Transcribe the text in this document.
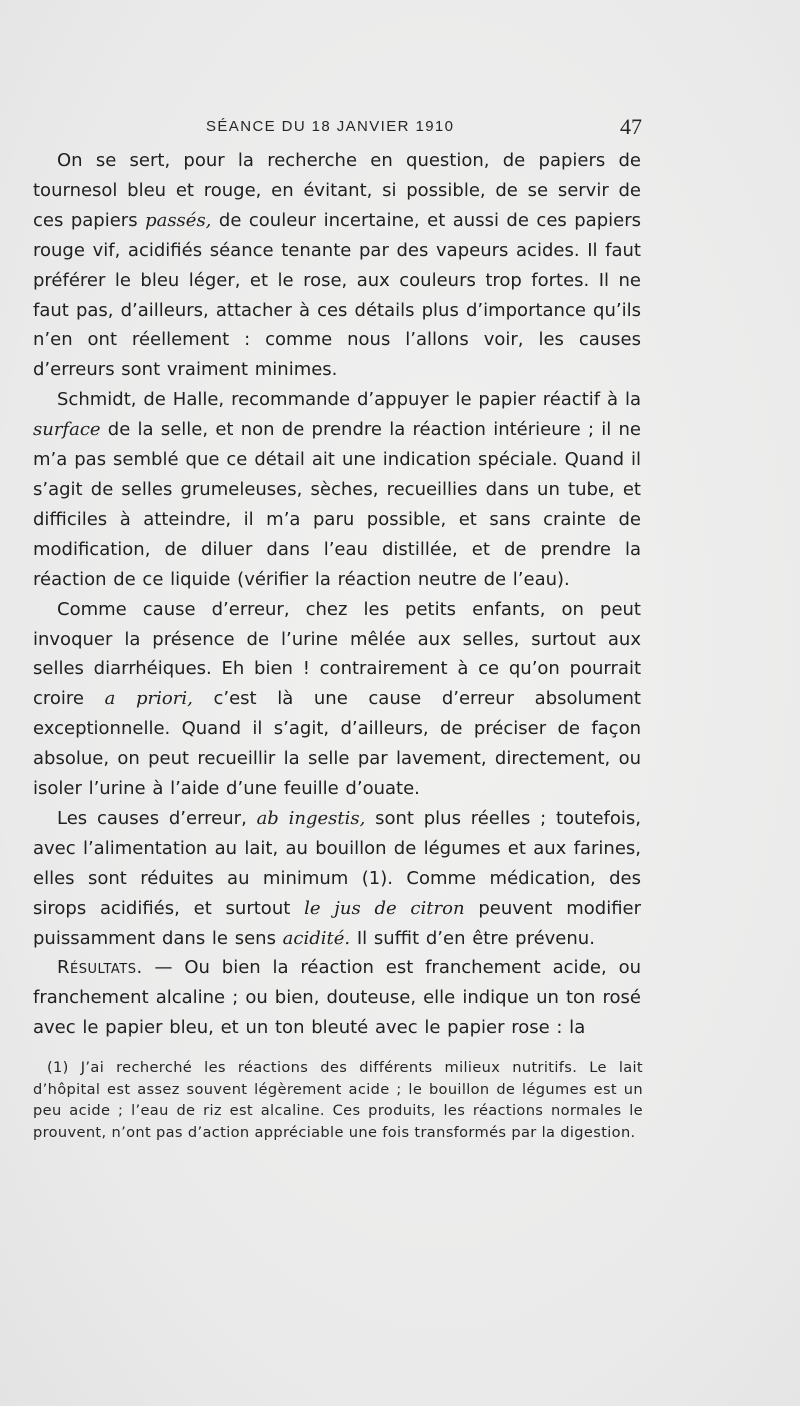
SÉANCE DU 18 JANVIER 1910	47

On se sert, pour la recherche en question, de papiers de tournesol bleu et rouge, en évitant, si possible, de se servir de ces papiers passés, de couleur incertaine, et aussi de ces papiers rouge vif, acidifiés séance tenante par des vapeurs acides. Il faut préférer le bleu léger, et le rose, aux couleurs trop fortes. Il ne faut pas, d’ailleurs, attacher à ces détails plus d’importance qu’ils n’en ont réellement : comme nous l’allons voir, les causes d’erreurs sont vraiment minimes.

Schmidt, de Halle, recommande d’appuyer le papier réactif à la surface de la selle, et non de prendre la réaction intérieure ; il ne m’a pas semblé que ce détail ait une indication spéciale. Quand il s’agit de selles grumeleuses, sèches, recueillies dans un tube, et difficiles à atteindre, il m’a paru possible, et sans crainte de modification, de diluer dans l’eau distillée, et de prendre la réaction de ce liquide (vérifier la réaction neutre de l’eau).

Comme cause d’erreur, chez les petits enfants, on peut invoquer la présence de l’urine mêlée aux selles, surtout aux selles diarrhéiques. Eh bien ! contrairement à ce qu’on pourrait croire a priori, c’est là une cause d’erreur absolument exceptionnelle. Quand il s’agit, d’ailleurs, de préciser de façon absolue, on peut recueillir la selle par lavement, directement, ou isoler l’urine à l’aide d’une feuille d’ouate.

Les causes d’erreur, ab ingestis, sont plus réelles ; toutefois, avec l’alimentation au lait, au bouillon de légumes et aux farines, elles sont réduites au minimum (1). Comme médication, des sirops acidifiés, et surtout le jus de citron peuvent modifier puissamment dans le sens acidité. Il suffit d’en être prévenu.

Résultats. — Ou bien la réaction est franchement acide, ou franchement alcaline ; ou bien, douteuse, elle indique un ton rosé avec le papier bleu, et un ton bleuté avec le papier rose : la

(1) J’ai recherché les réactions des différents milieux nutritifs. Le lait d’hôpital est assez souvent légèrement acide ; le bouillon de légumes est un peu acide ; l’eau de riz est alcaline. Ces produits, les réactions normales le prouvent, n’ont pas d’action appréciable une fois transformés par la digestion.
